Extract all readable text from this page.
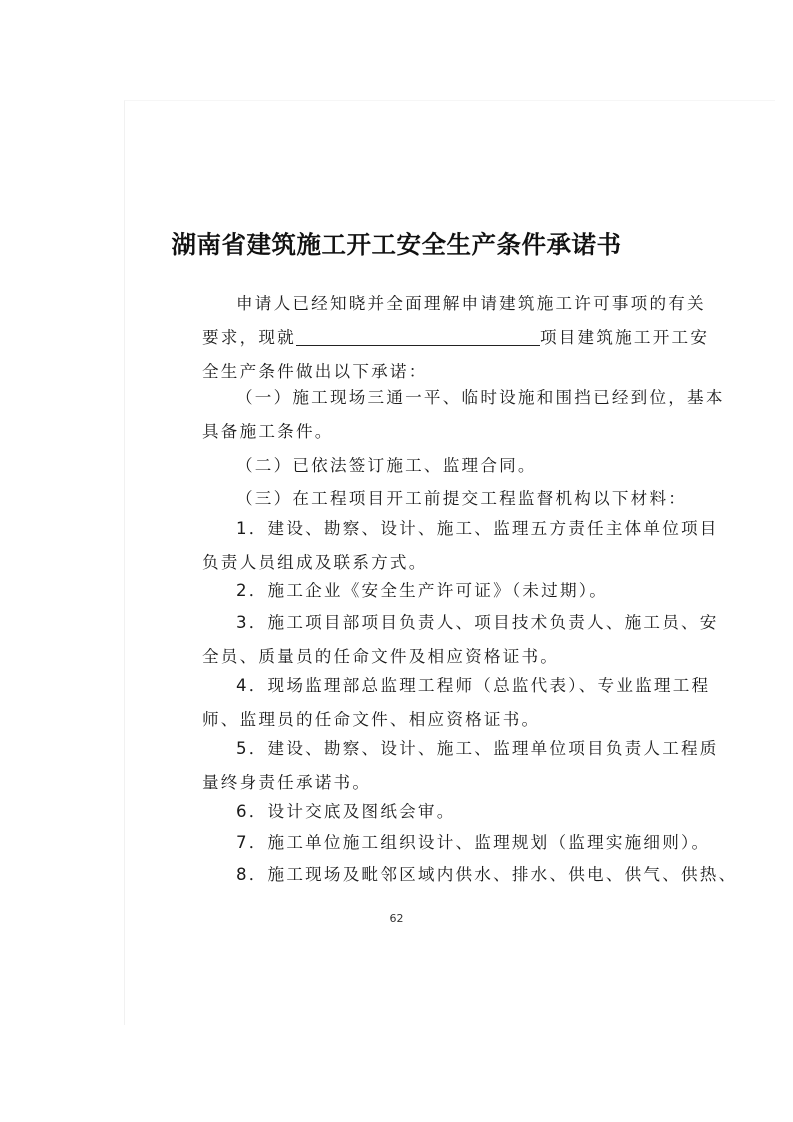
湖南省建筑施工开工安全生产条件承诺书

申请人已经知晓并全面理解申请建筑施工许可事项的有关
要求，现就	项目建筑施工开工安
全生产条件做出以下承诺：

（一）施工现场三通一平、临时设施和围挡已经到位，基本
具备施工条件。

（二）已依法签订施工、监理合同。

（三）在工程项目开工前提交工程监督机构以下材料：

1．建设、勘察、设计、施工、监理五方责任主体单位项目
负责人员组成及联系方式。

2．施工企业《安全生产许可证》（未过期）。

3．施工项目部项目负责人、项目技术负责人、施工员、安
全员、质量员的任命文件及相应资格证书。

4．现场监理部总监理工程师（总监代表）、专业监理工程
师、监理员的任命文件、相应资格证书。

5．建设、勘察、设计、施工、监理单位项目负责人工程质
量终身责任承诺书。

6．设计交底及图纸会审。

7．施工单位施工组织设计、监理规划（监理实施细则）。

8．施工现场及毗邻区域内供水、排水、供电、供气、供热、

62
